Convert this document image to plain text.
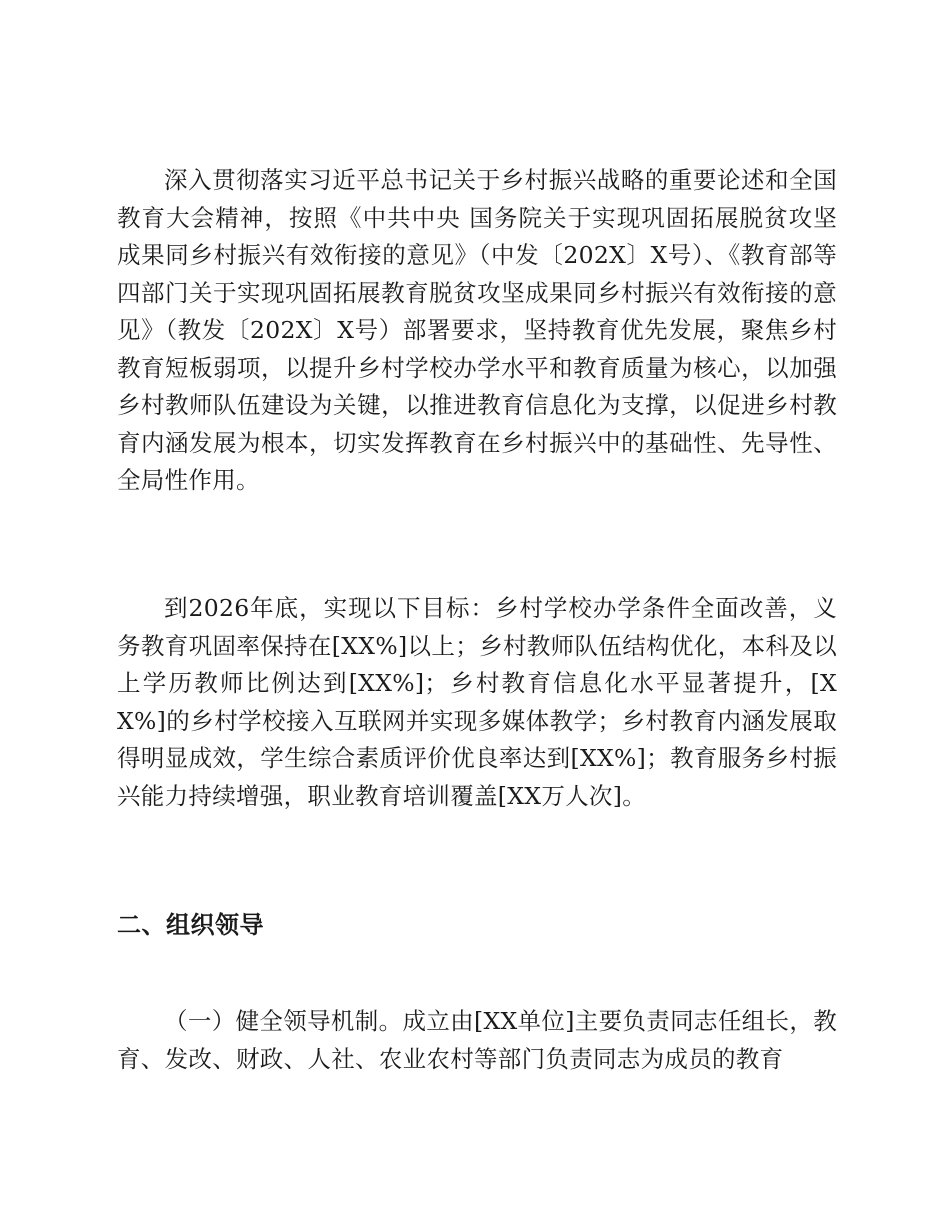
深入贯彻落实习近平总书记关于乡村振兴战略的重要论述和全国教育大会精神，按照《中共中央 国务院关于实现巩固拓展脱贫攻坚成果同乡村振兴有效衔接的意见》（中发〔202X〕X号）、《教育部等四部门关于实现巩固拓展教育脱贫攻坚成果同乡村振兴有效衔接的意见》（教发〔202X〕X号）部署要求，坚持教育优先发展，聚焦乡村教育短板弱项，以提升乡村学校办学水平和教育质量为核心，以加强乡村教师队伍建设为关键，以推进教育信息化为支撑，以促进乡村教育内涵发展为根本，切实发挥教育在乡村振兴中的基础性、先导性、全局性作用。

到2026年底，实现以下目标：乡村学校办学条件全面改善，义务教育巩固率保持在[XX%]以上；乡村教师队伍结构优化，本科及以上学历教师比例达到[XX%]；乡村教育信息化水平显著提升，[XX%]的乡村学校接入互联网并实现多媒体教学；乡村教育内涵发展取得明显成效，学生综合素质评价优良率达到[XX%]；教育服务乡村振兴能力持续增强，职业教育培训覆盖[XX万人次]。

二、组织领导

（一）健全领导机制。成立由[XX单位]主要负责同志任组长，教育、发改、财政、人社、农业农村等部门负责同志为成员的教育
